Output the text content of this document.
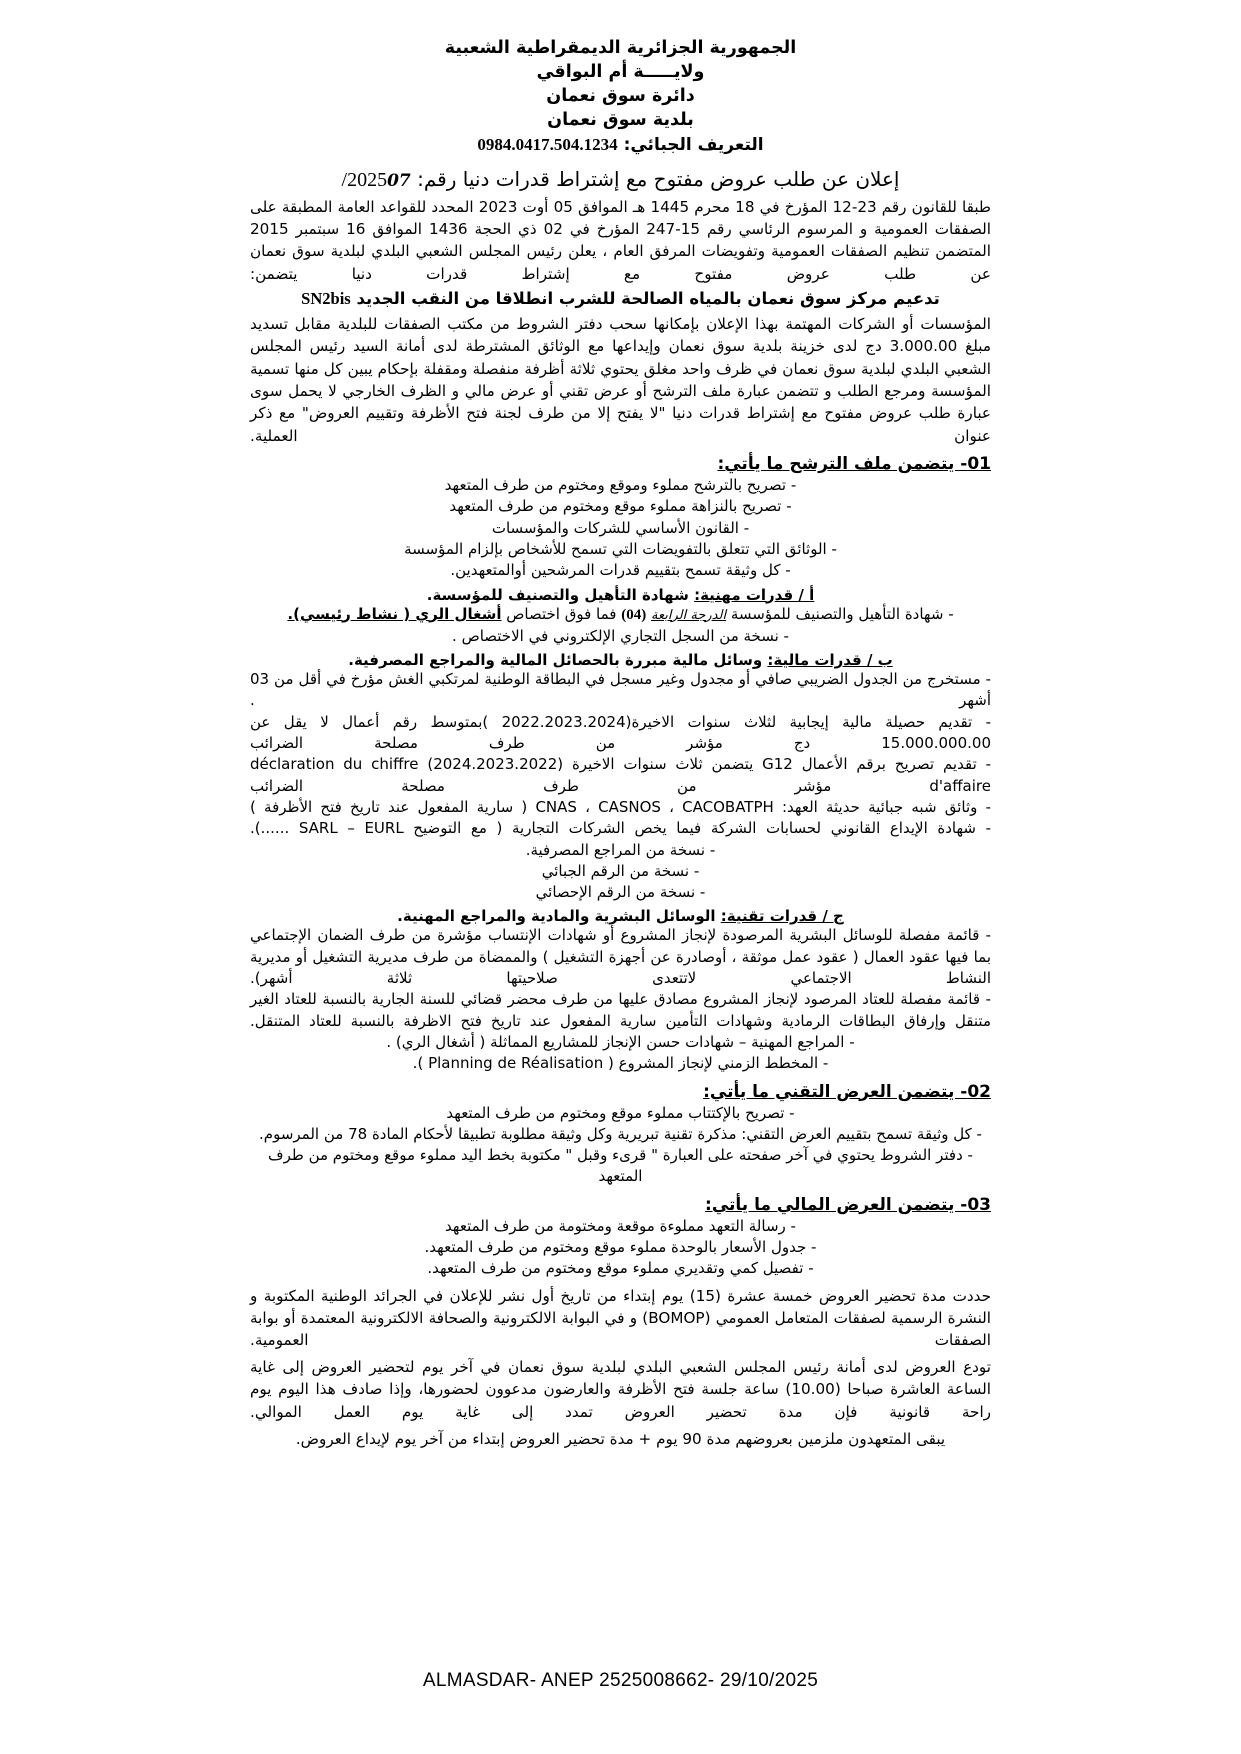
الجمهورية الجزائرية الديمقراطية الشعبية
ولايـــــة أم البواقي
دائرة سوق نعمان
بلدية سوق نعمان
التعريف الجبائي: 0984.0417.504.1234
إعلان عن طلب عروض مفتوح مع إشتراط قدرات دنيا رقم: 07/2025
طبقا للقانون رقم 23-12 المؤرخ في 18 محرم 1445 هـ الموافق 05 أوت 2023 المحدد للقواعد العامة المطبقة على الصفقات العمومية و المرسوم الرئاسي رقم 15-247 المؤرخ في 02 ذي الحجة 1436 الموافق 16 سبتمبر 2015 المتضمن تنظيم الصفقات العمومية وتفويضات المرفق العام ، يعلن رئيس المجلس الشعبي البلدي لبلدية سوق نعمان عن طلب عروض مفتوح مع إشتراط قدرات دنيا يتضمن:
تدعيم مركز سوق نعمان بالمياه الصالحة للشرب انطلاقا من النقب الجديد SN2bis
المؤسسات أو الشركات المهتمة بهذا الإعلان بإمكانها سحب دفتر الشروط من مكتب الصفقات للبلدية مقابل تسديد مبلغ 3.000.00 دج لدى خزينة بلدية سوق نعمان وإيداعها مع الوثائق المشترطة لدى أمانة السيد رئيس المجلس الشعبي البلدي لبلدية سوق نعمان في ظرف واحد مغلق يحتوي ثلاثة أظرفة منفصلة ومقفلة بإحكام يبين كل منها تسمية المؤسسة ومرجع الطلب و تتضمن عبارة ملف الترشح أو عرض تقني أو عرض مالي و الظرف الخارجي لا يحمل سوى عبارة طلب عروض مفتوح مع إشتراط قدرات دنيا "لا يفتح إلا من طرف لجنة فتح الأظرفة وتقييم العروض" مع ذكر عنوان العملية.
01- يتضمن ملف الترشح ما يأتي:
- تصريح بالترشح مملوء وموقع ومختوم من طرف المتعهد
- تصريح بالنزاهة مملوء موقع ومختوم من طرف المتعهد
- القانون الأساسي للشركات والمؤسسات
- الوثائق التي تتعلق بالتفويضات التي تسمح للأشخاص بإلزام المؤسسة
- كل وثيقة تسمح بتقييم قدرات المرشحين أوالمتعهدين.
أ / قدرات مهنية: شهادة التأهيل والتصنيف للمؤسسة.
- شهادة التأهيل والتصنيف للمؤسسة الدرجة الرابعة (04) فما فوق اختصاص أشغال الري ( نشاط رئيسي).
- نسخة من السجل التجاري الإلكتروني في الاختصاص .
ب / قدرات مالية: وسائل مالية مبررة بالحصائل المالية والمراجع المصرفية.
- مستخرج من الجدول الضريبي صافي أو مجدول وغير مسجل في البطاقة الوطنية لمرتكبي الغش مؤرخ في أقل من 03 أشهر .
- تقديم حصيلة مالية إيجابية لثلاث سنوات الاخيرة(2022.2023.2024 )بمتوسط رقم أعمال لا يقل عن 15.000.000.00 دج مؤشر من طرف مصلحة الضرائب
- تقديم تصريح برقم الأعمال G12 يتضمن ثلاث سنوات الاخيرة (2024.2023.2022) déclaration du chiffre d'affaire مؤشر من طرف مصلحة الضرائب
- وثائق شبه جبائية حديثة العهد: CNAS ، CASNOS ، CACOBATPH ( سارية المفعول عند تاريخ فتح الأظرفة )
- شهادة الإيداع القانوني لحسابات الشركة فيما يخص الشركات التجارية ( مع التوضيح SARL – EURL ......).
- نسخة من المراجع المصرفية.
- نسخة من الرقم الجبائي
- نسخة من الرقم الإحصائي
ج / قدرات تقنية: الوسائل البشرية والمادية والمراجع المهنية.
- قائمة مفصلة للوسائل البشرية المرصودة لإنجاز المشروع أو شهادات الإنتساب مؤشرة من طرف الضمان الإجتماعي بما فيها عقود العمال ( عقود عمل موثقة ، أوصادرة عن أجهزة التشغيل ) والممضاة من طرف مديرية التشغيل أو مديرية النشاط الاجتماعي لاتتعدى صلاحيتها ثلاثة أشهر).
- قائمة مفصلة للعتاد المرصود لإنجاز المشروع مصادق عليها من طرف محضر قضائي للسنة الجارية بالنسبة للعتاد الغير متنقل وإرفاق البطاقات الرمادية وشهادات التأمين سارية المفعول عند تاريخ فتح الاظرفة بالنسبة للعتاد المتنقل.
- المراجع المهنية – شهادات حسن الإنجاز للمشاريع المماثلة ( أشغال الري) .
- المخطط الزمني لإنجاز المشروع ( Planning de Réalisation ).
02- يتضمن العرض التقني ما يأتي:
- تصريح بالإكتتاب مملوء موقع ومختوم من طرف المتعهد
- كل وثيقة تسمح بتقييم العرض التقني: مذكرة تقنية تبريرية وكل وثيقة مطلوبة تطبيقا لأحكام المادة 78 من المرسوم.
- دفتر الشروط يحتوي في آخر صفحته على العبارة " قرىء وقبل " مكتوبة بخط اليد مملوء موقع ومختوم من طرف المتعهد
03- يتضمن العرض المالي ما يأتي:
- رسالة التعهد مملوءة موقعة ومختومة من طرف المتعهد
- جدول الأسعار بالوحدة مملوء موقع ومختوم من طرف المتعهد.
- تفصيل كمي وتقديري مملوء موقع ومختوم من طرف المتعهد.
حددت مدة تحضير العروض خمسة عشرة (15) يوم إبتداء من تاريخ أول نشر للإعلان في الجرائد الوطنية المكتوبة و النشرة الرسمية لصفقات المتعامل العمومي (BOMOP) و في البوابة الالكترونية والصحافة الالكترونية المعتمدة أو بوابة الصفقات العمومية.
تودع العروض لدى أمانة رئيس المجلس الشعبي البلدي لبلدية سوق نعمان في آخر يوم لتحضير العروض إلى غاية الساعة العاشرة صباحا (10.00) ساعة جلسة فتح الأظرفة والعارضون مدعوون لحضورها، وإذا صادف هذا اليوم يوم راحة قانونية فإن مدة تحضير العروض تمدد إلى غاية يوم العمل الموالي.
يبقى المتعهدون ملزمين بعروضهم مدة 90 يوم + مدة تحضير العروض إبتداء من آخر يوم لإيداع العروض.
ALMASDAR- ANEP 2525008662- 29/10/2025
